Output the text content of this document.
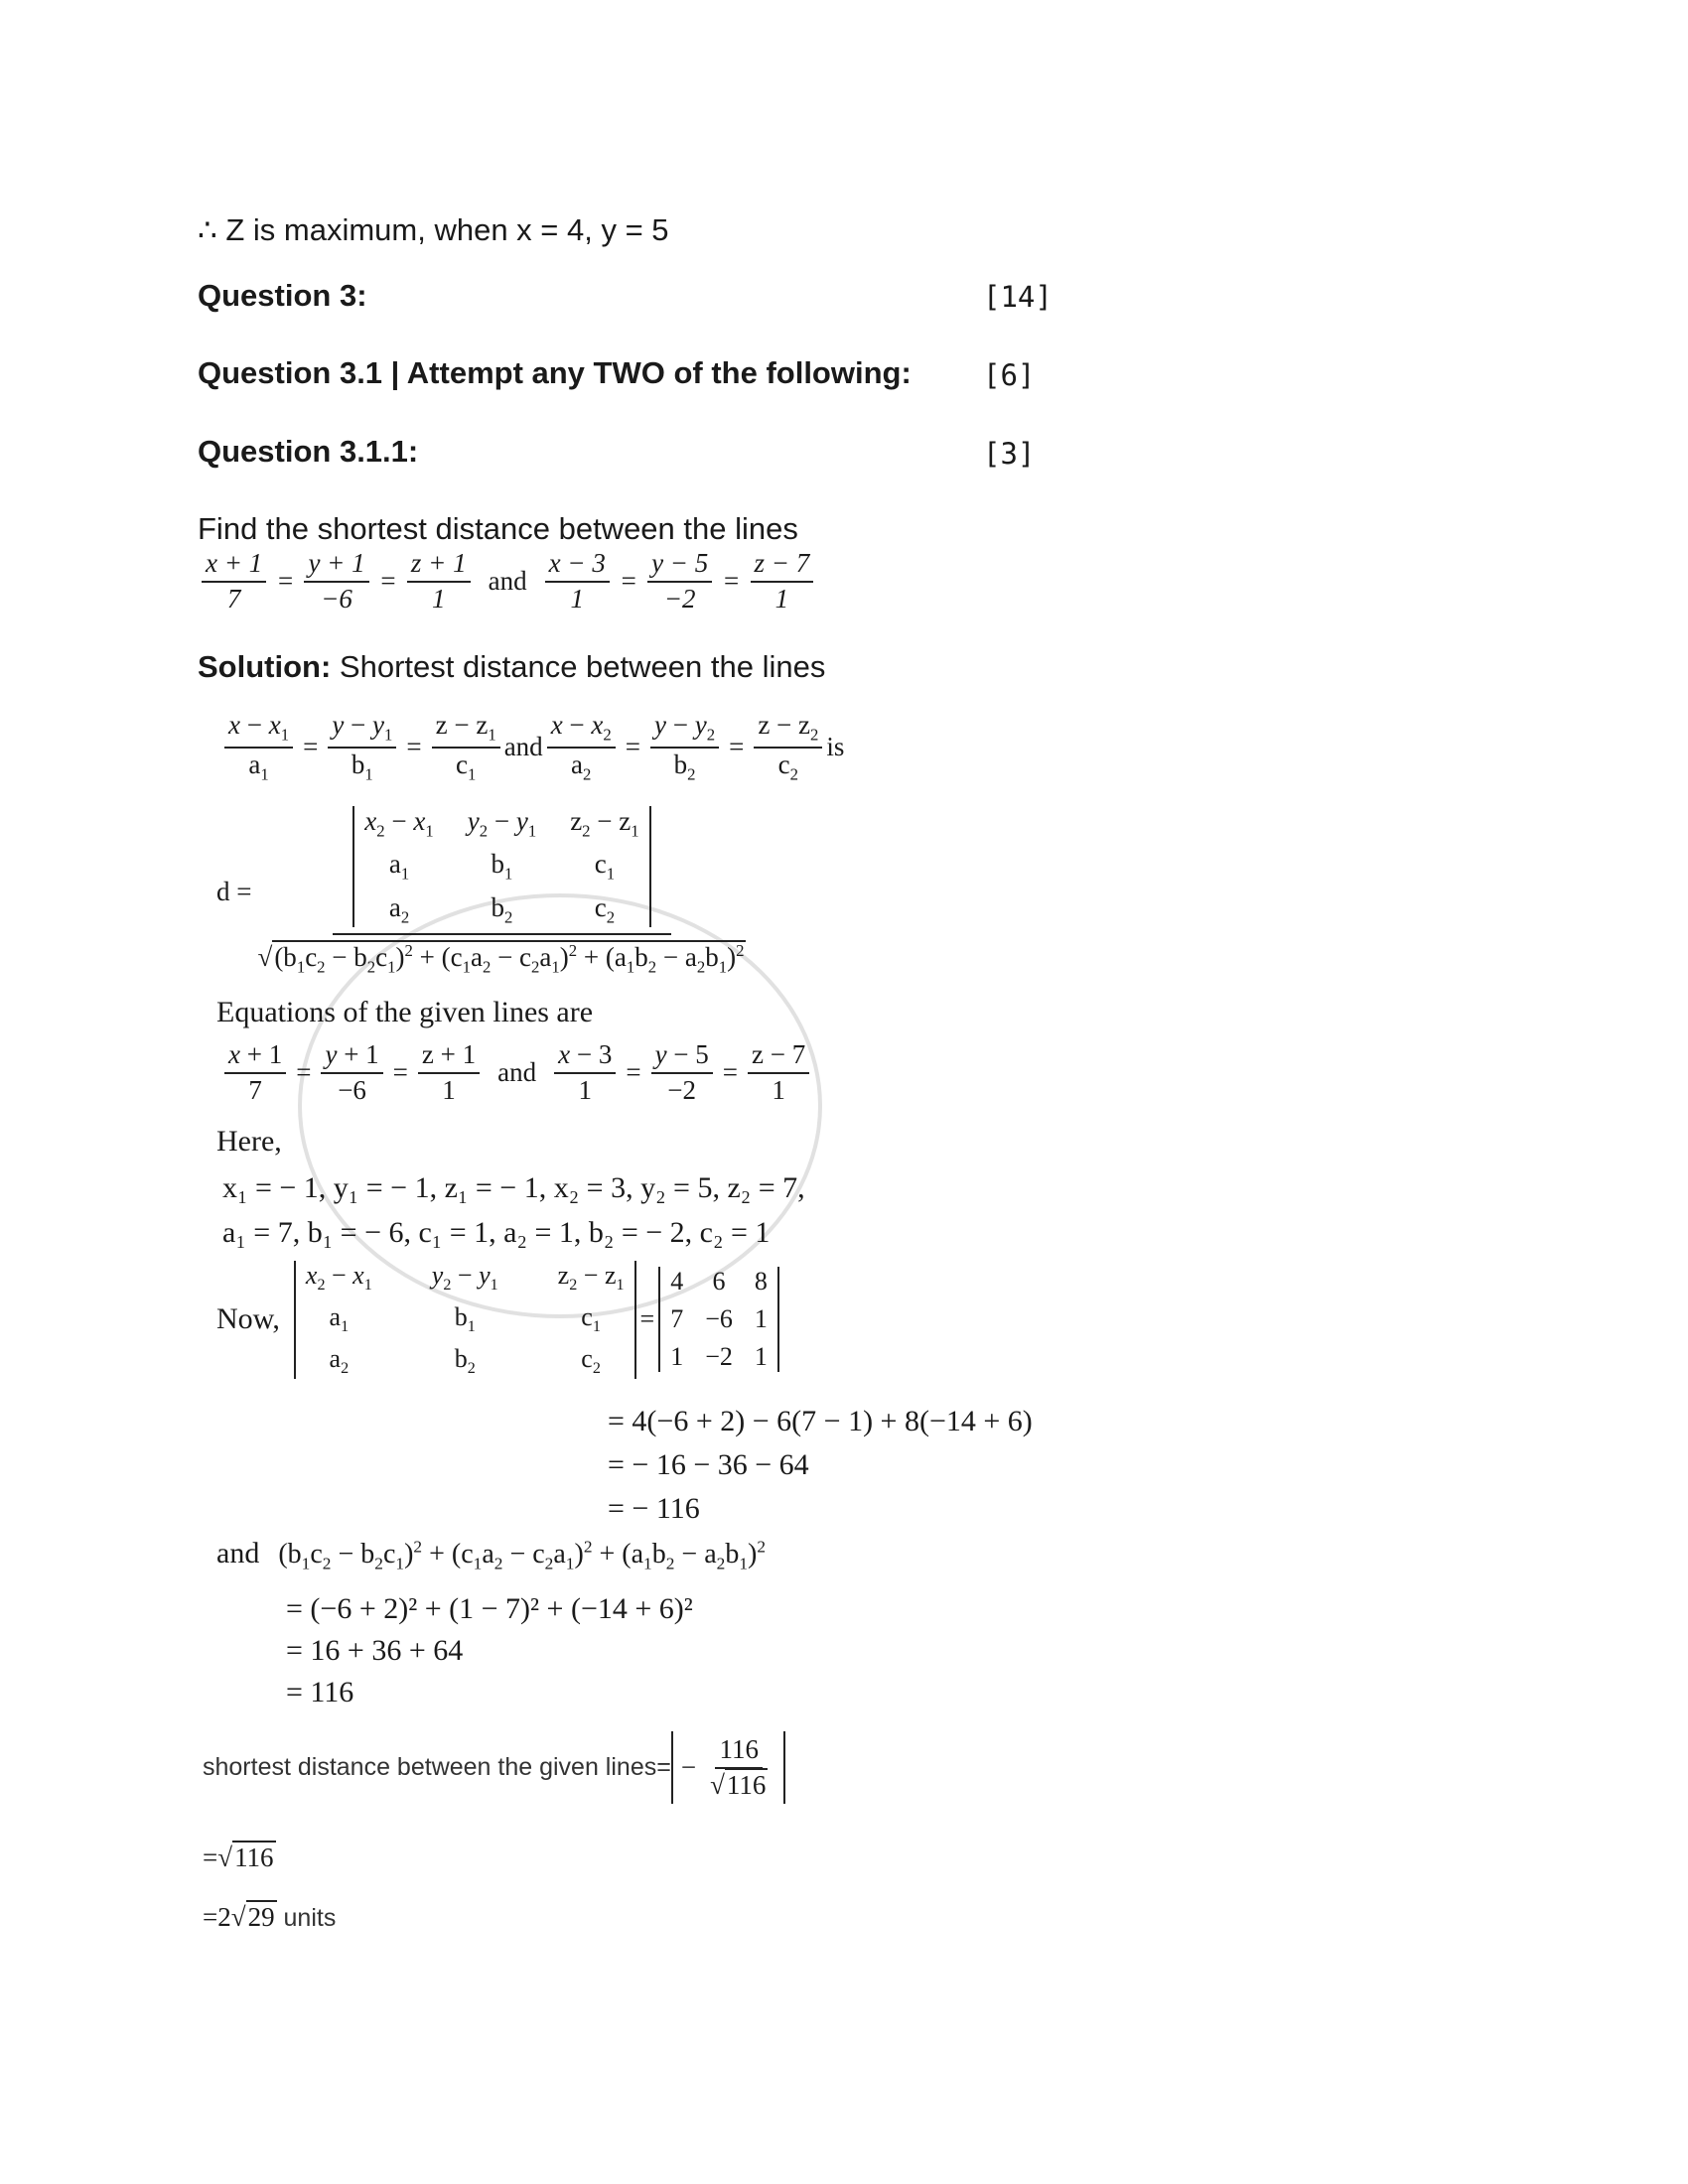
∴ Z is maximum, when x = 4, y = 5
Question 3:	[14]
Question 3.1 | Attempt any TWO of the following: [6]
Question 3.1.1:	[3]
Find the shortest distance between the lines
$\frac{x + 1}{7} = \frac{y + 1}{-6} = \frac{z + 1}{1}$ and $\frac{x - 3}{1} = \frac{y - 5}{-2} = \frac{z - 7}{1}$
Solution: Shortest distance between the lines
$\frac{x - x_1}{a_1} = \frac{y - y_1}{b_1} = \frac{z - z_1}{c_1}$ and $\frac{x - x_2}{a_2} = \frac{y - y_2}{b_2} = \frac{z - z_2}{c_2}$ is
$d = x_2 - x_1$ $y_2 - y_1$ $z_2 - z_1$
$a_1$	$b_1$	$c_1$
$a_2$	$b_2$	$c_2$
$√(b_1c_2 - b_2c_1)^2 + (c_1a_2 - c_2a_1)^2 + (a_1b_2 - a_2b_1)^2$
Equations of the given lines are
$\frac{x + 1}{7} = \frac{y + 1}{-6} = \frac{z + 1}{1}$ and $\frac{x - 3}{1} = \frac{y - 5}{-2} = \frac{z - 7}{1}$
Here,
x₁ = − 1, y₁ = − 1, z₁ = − 1, x₂ = 3, y₂ = 5, z₂ = 7,
a₁ = 7, b₁ = − 6, c₁ = 1, a₂ = 1, b₂ = − 2, c₂ = 1
Now,
$x_2 - x_1$ $y_2 - y_1$ $z_2 - z_1$
$a_1$	$b_1$	$c_1$
$a_2$	$b_2$	$c_2$
=
4 6 8
7 −6 1
1 −2 1
= 4(−6 + 2) − 6(7 − 1) + 8(−14 + 6)
= − 16 − 36 − 64
= − 116
and $(b_1c_2 - b_2c_1)^2 + (c_1a_2 - c_2a_1)^2 + (a_1b_2 - a_2b_1)^2$
= (−6 + 2)² + (1 − 7)² + (−14 + 6)²
= 16 + 36 + 64
= 116
shortest distance between the given lines= − $\frac{116}{√116}$
=√116
=2√29 units
